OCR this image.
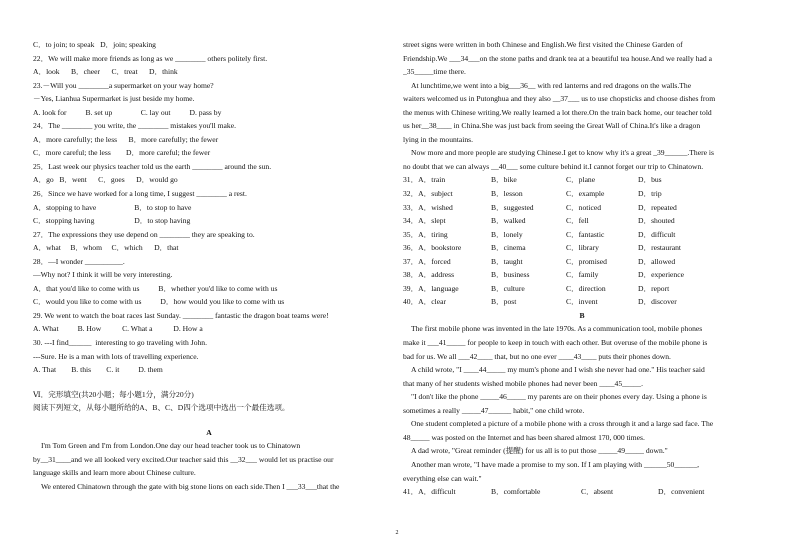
C．to join; to speak   D．join; speaking
22．We will make more friends as long as we ________ others politely first.
A．look      B．cheer      C．treat      D．think
23.－Will you ________a supermarket on your way home?
－Yes, Lianhua Supermarket is just beside my home.
A. look for          B. set up               C. lay out          D. pass by
24．The ________ you write, the ________ mistakes you'll make.
A．more carefully; the less      B．more carefully; the fewer
C．more careful; the less        D．more careful; the fewer
25．Last week our physics teacher told us the earth ________ around the sun.
A．go   B．went      C．goes      D．would go
26．Since we have worked for a long time, I suggest ________ a rest.
A．stopping to have                    B．to stop to have
C．stopping having                     D．to stop having
27．The expressions they use depend on ________ they are speaking to.
A．what     B．whom     C．which      D．that
28．—I wonder __________.
—Why not? I think it will be very interesting.
A．that you'd like to come with us          B．whether you'd like to come with us
C．would you like to come with us          D．how would you like to come with us
29. We went to watch the boat races last Sunday. ________ fantastic the dragon boat teams were!
A. What          B. How           C. What a           D. How a
30. ---I find______  interesting to go traveling with John.
---Sure. He is a man with lots of travelling experience.
A. That        B. this        C. it          D. them
Ⅵ．完形填空(共20小题；每小题1分，满分20分)
阅读下列短文，从每小题所给的A、B、C、D四个选项中选出一个最佳选项。
A
I'm Tom Green and I'm from London.One day our head teacher took us to Chinatown
by__31____and we all looked very excited.Our teacher said this __32___ would let us practise our
language skills and learn more about Chinese culture.
We entered Chinatown through the gate with big stone lions on each side.Then I ___33___that the
street signs were written in both Chinese and English.We first visited the Chinese Garden of
Friendship.We ___34___on the stone paths and drank tea at a beautiful tea house.And we really had a
_35_____time there.
At lunchtime,we went into a big___36__ with red lanterns and red dragons on the walls.The
waiters welcomed us in Putonghua and they also __37___ us to use chopsticks and choose dishes from
the menus with Chinese writing.We really learned a lot there.On the train back home, our teacher told
us her__38____ in China.She was just back from seeing the Great Wall of China.It's like a dragon
lying in the mountains.
Now more and more people are studying Chinese.I get to know why it's a great _39______.There is
no doubt that we can always __40___ some culture behind it.I cannot forget our trip to Chinatown.
31．A．train	B．bike	C．plane	D．bus
32．A．subject	B．lesson	C．example	D．trip
33．A．wished	B．suggested	C．noticed	D．repeated
34．A．slept	B．walked	C．fell	D．shouted
35．A．tiring	B．lonely	C．fantastic	D．difficult
36．A．bookstore	B．cinema	C．library	D．restaurant
37．A．forced	B．taught	C．promised	D．allowed
38．A．address	B．business	C．family	D．experience
39．A．language	B．culture	C．direction	D．report
40．A．clear	B．post	C．invent	D．discover
B
The first mobile phone was invented in the late 1970s. As a communication tool, mobile phones
make it ___41_____ for people to keep in touch with each other. But overuse of the mobile phone is
bad for us. We all ___42____ that, but no one ever ____43____ puts their phones down.
A child wrote, "I ____44_____ my mum's phone and I wish she never had one." His teacher said
that many of her students wished mobile phones had never been ____45_____.
"I don't like the phone _____46_____ my parents are on their phones every day. Using a phone is
sometimes a really _____47______ habit," one child wrote.
One student completed a picture of a mobile phone with a cross through it and a large sad face. The
48_____ was posted on the Internet and has been shared almost 170, 000 times.
A dad wrote, "Great reminder (提醒) for us all is to put those _____49_____ down."
Another man wrote, "I have made a promise to my son. If I am playing with ______50______,
everything else can wait."
41．A．difficult	B．comfortable	C．absent	D．convenient
2
